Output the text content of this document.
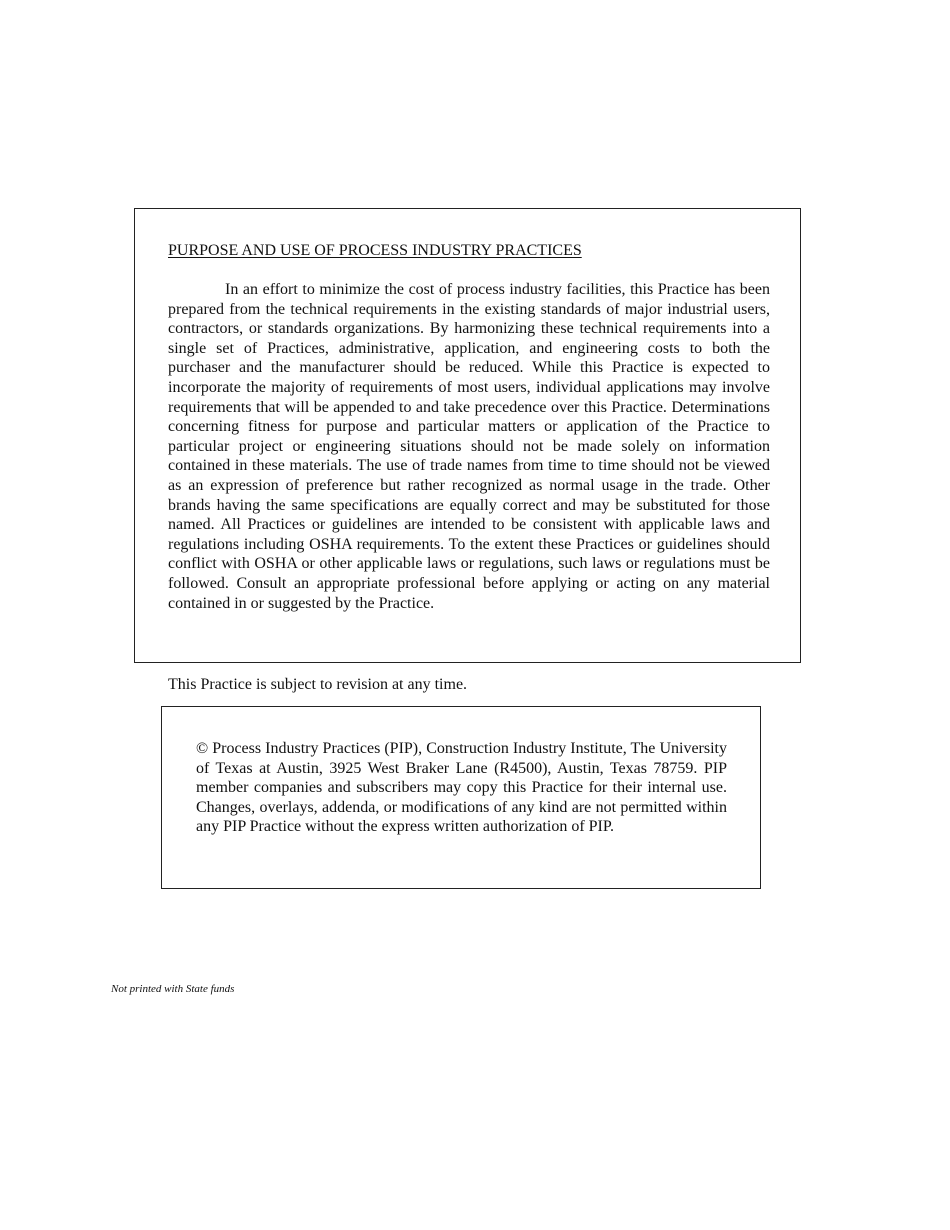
PURPOSE AND USE OF PROCESS INDUSTRY PRACTICES

In an effort to minimize the cost of process industry facilities, this Practice has been prepared from the technical requirements in the existing standards of major industrial users, contractors, or standards organizations. By harmonizing these technical requirements into a single set of Practices, administrative, application, and engineering costs to both the purchaser and the manufacturer should be reduced. While this Practice is expected to incorporate the majority of requirements of most users, individual applications may involve requirements that will be appended to and take precedence over this Practice. Determinations concerning fitness for purpose and particular matters or application of the Practice to particular project or engineering situations should not be made solely on information contained in these materials. The use of trade names from time to time should not be viewed as an expression of preference but rather recognized as normal usage in the trade. Other brands having the same specifications are equally correct and may be substituted for those named. All Practices or guidelines are intended to be consistent with applicable laws and regulations including OSHA requirements. To the extent these Practices or guidelines should conflict with OSHA or other applicable laws or regulations, such laws or regulations must be followed. Consult an appropriate professional before applying or acting on any material contained in or suggested by the Practice.

This Practice is subject to revision at any time.

© Process Industry Practices (PIP), Construction Industry Institute, The University of Texas at Austin, 3925 West Braker Lane (R4500), Austin, Texas 78759. PIP member companies and subscribers may copy this Practice for their internal use. Changes, overlays, addenda, or modifications of any kind are not permitted within any PIP Practice without the express written authorization of PIP.

Not printed with State funds
